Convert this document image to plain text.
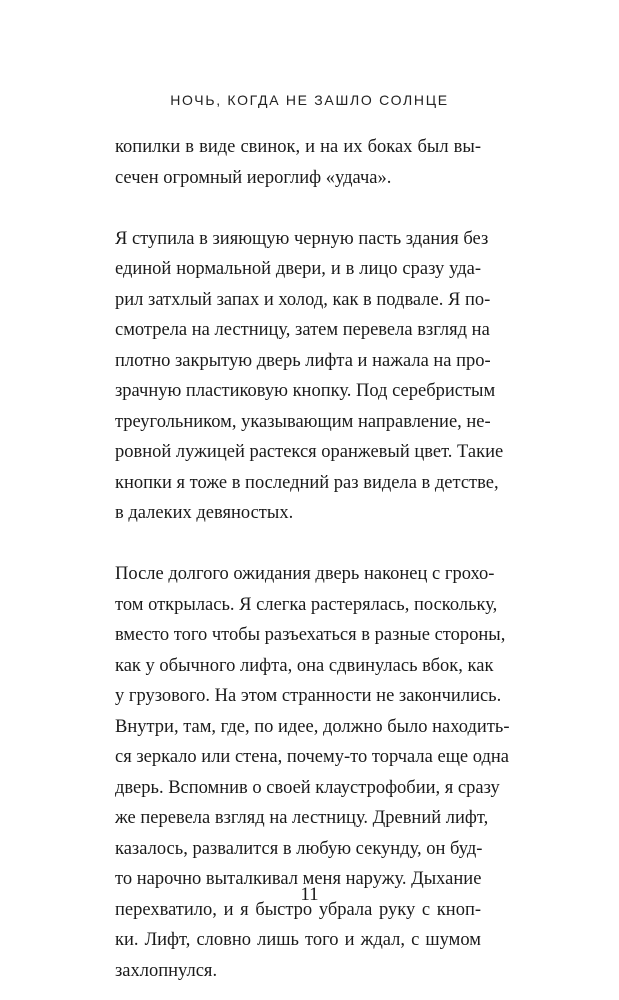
НОЧЬ, КОГДА НЕ ЗАШЛО СОЛНЦЕ
копилки в виде свинок, и на их боках был вы-
сечен огромный иероглиф «удача».
Я ступила в зияющую черную пасть здания без
единой нормальной двери, и в лицо сразу уда-
рил затхлый запах и холод, как в подвале. Я по-
смотрела на лестницу, затем перевела взгляд на
плотно закрытую дверь лифта и нажала на про-
зрачную пластиковую кнопку. Под серебристым
треугольником, указывающим направление, не-
ровной лужицей растекся оранжевый цвет. Такие
кнопки я тоже в последний раз видела в детстве,
в далеких девяностых.
После долгого ожидания дверь наконец с грохо-
том открылась. Я слегка растерялась, поскольку,
вместо того чтобы разъехаться в разные стороны,
как у обычного лифта, она сдвинулась вбок, как
у грузового. На этом странности не закончились.
Внутри, там, где, по идее, должно было находить-
ся зеркало или стена, почему-то торчала еще одна
дверь. Вспомнив о своей клаустрофобии, я сразу
же перевела взгляд на лестницу. Древний лифт,
казалось, развалится в любую секунду, он буд-
то нарочно выталкивал меня наружу. Дыхание
перехватило, и я быстро убрала руку с кноп-
ки. Лифт, словно лишь того и ждал, с шумом
захлопнулся.
11
